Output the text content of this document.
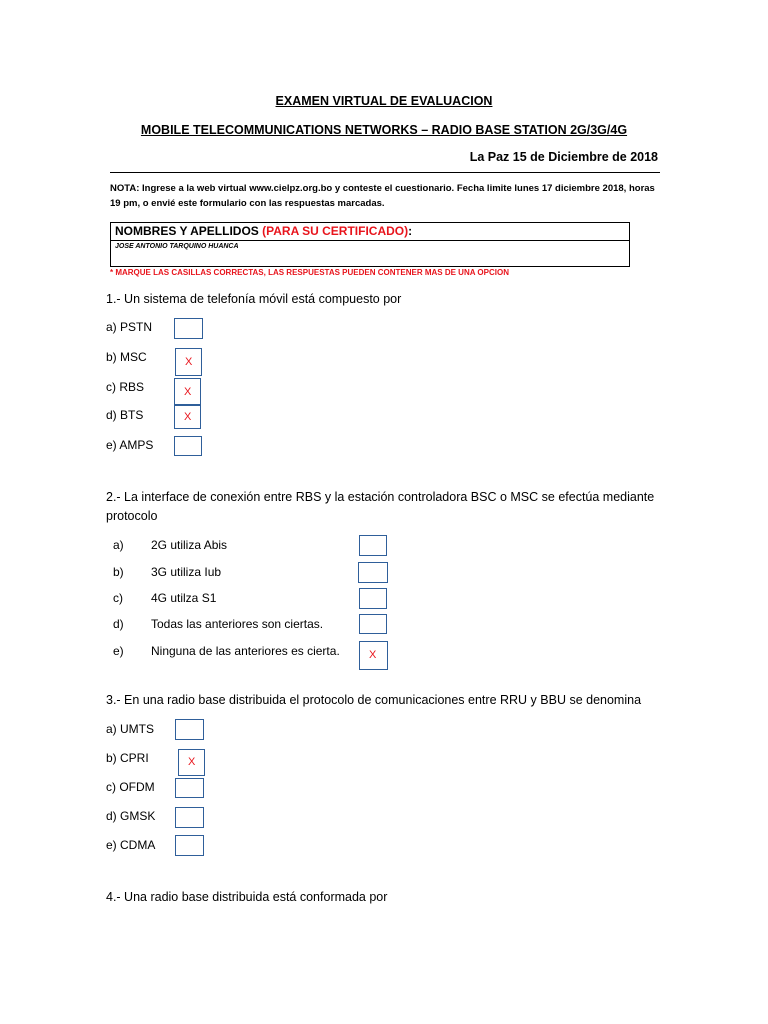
EXAMEN VIRTUAL DE EVALUACION
MOBILE TELECOMMUNICATIONS NETWORKS – RADIO BASE STATION 2G/3G/4G
La Paz 15 de Diciembre de 2018
NOTA: Ingrese a la web virtual www.cielpz.org.bo y conteste el cuestionario. Fecha limite lunes 17 diciembre 2018, horas 19 pm, o envié este formulario con las respuestas marcadas.
NOMBRES Y APELLIDOS (PARA SU CERTIFICADO):
JOSE ANTONIO TARQUINO HUANCA
* MARQUE LAS CASILLAS CORRECTAS, LAS RESPUESTAS PUEDEN CONTENER MAS DE UNA OPCION
1.- Un sistema de telefonía móvil está compuesto por
a) PSTN
b) MSC	X
c) RBS	X
d) BTS	X
e) AMPS
2.- La interface de conexión entre RBS y la estación controladora BSC o MSC se efectúa mediante protocolo
a) 2G utiliza Abis
b) 3G utiliza Iub
c) 4G utilza S1
d) Todas las anteriores son ciertas.
e) Ninguna de las anteriores es cierta.	X
3.- En una radio base distribuida el protocolo de comunicaciones entre RRU y BBU se denomina
a) UMTS
b) CPRI	X
c) OFDM
d) GMSK
e) CDMA
4.- Una radio base distribuida está conformada por
